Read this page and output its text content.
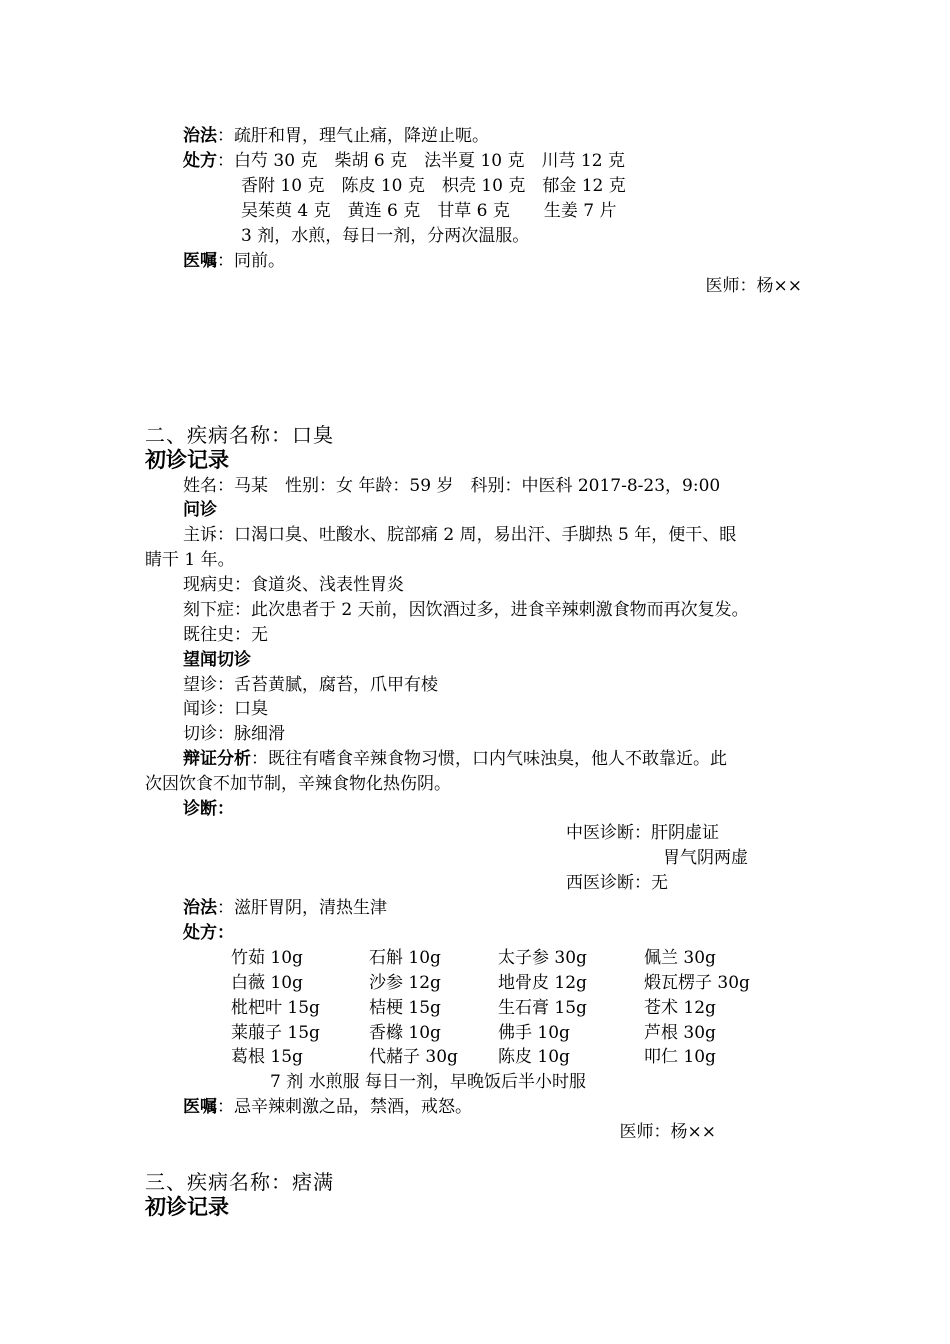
治法：疏肝和胃，理气止痛，降逆止呃。
处方：白芍 30 克　柴胡 6 克　法半夏 10 克　川芎 12 克
香附 10 克　陈皮 10 克　枳壳 10 克　郁金 12 克
吴茱萸 4 克　黄连 6 克　甘草 6 克　　生姜 7 片
3 剂，水煎，每日一剂，分两次温服。
医嘱：同前。
医师：杨××
二、疾病名称：口臭
初诊记录
姓名：马某　性别：女 年龄：59 岁　科别：中医科 2017-8-23，9:00
问诊
主诉：口渴口臭、吐酸水、脘部痛 2 周，易出汗、手脚热 5 年，便干、眼
睛干 1 年。
现病史：食道炎、浅表性胃炎
刻下症：此次患者于 2 天前，因饮酒过多，进食辛辣刺激食物而再次复发。
既往史：无
望闻切诊
望诊：舌苔黄腻，腐苔，爪甲有棱
闻诊：口臭
切诊：脉细滑
辩证分析：既往有嗜食辛辣食物习惯，口内气味浊臭，他人不敢靠近。此
次因饮食不加节制，辛辣食物化热伤阴。
诊断：
中医诊断：肝阴虚证
胃气阴两虚
西医诊断：无
治法：滋肝胃阴，清热生津
处方：
竹茹 10g	石斛 10g	太子参 30g	佩兰 30g
白薇 10g	沙参 12g	地骨皮 12g	煅瓦楞子 30g
枇杷叶 15g	桔梗 15g	生石膏 15g	苍术 12g
莱菔子 15g	香橼 10g	佛手 10g	芦根 30g
葛根 15g	代赭子 30g 陈皮 10g	叩仁 10g
7 剂 水煎服 每日一剂，早晚饭后半小时服
医嘱：忌辛辣刺激之品，禁酒，戒怒。
医师：杨××
三、疾病名称：痞满
初诊记录
